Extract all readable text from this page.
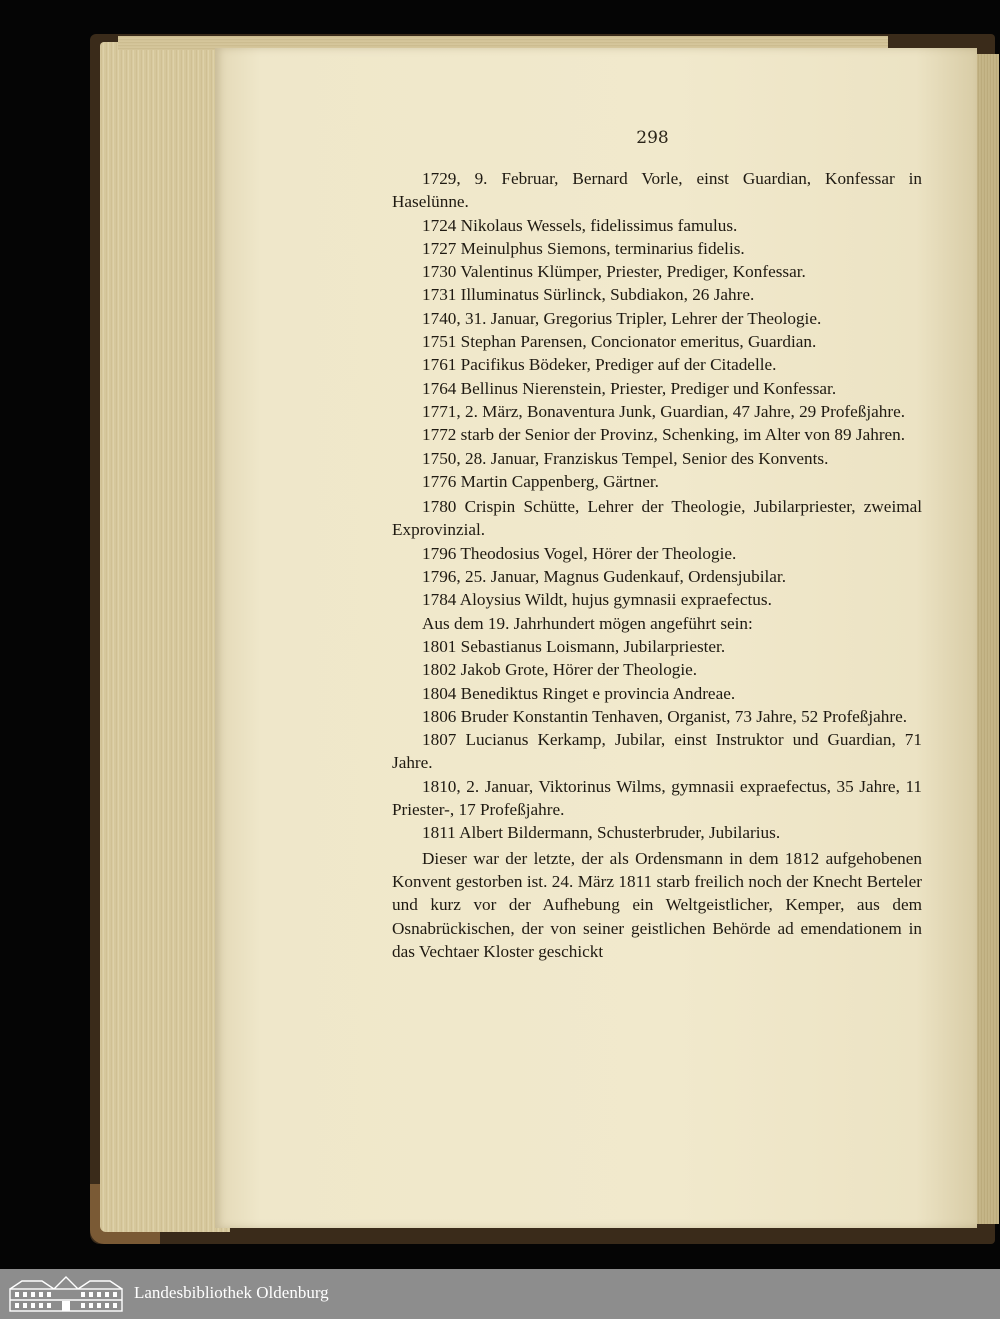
298

1729, 9. Februar, Bernard Vorle, einst Guardian, Konfessar in Haselünne.

1724 Nikolaus Wessels, fidelissimus famulus.

1727 Meinulphus Siemons, terminarius fidelis.

1730 Valentinus Klümper, Priester, Prediger, Konfessar.

1731 Illuminatus Sürlinck, Subdiakon, 26 Jahre.

1740, 31. Januar, Gregorius Tripler, Lehrer der Theologie.

1751 Stephan Parensen, Concionator emeritus, Guardian.

1761 Pacifikus Bödeker, Prediger auf der Citadelle.

1764 Bellinus Nierenstein, Priester, Prediger und Konfessar.

1771, 2. März, Bonaventura Junk, Guardian, 47 Jahre, 29 Profeßjahre.

1772 starb der Senior der Provinz, Schenking, im Alter von 89 Jahren.

1750, 28. Januar, Franziskus Tempel, Senior des Konvents.

1776 Martin Cappenberg, Gärtner.

1780 Crispin Schütte, Lehrer der Theologie, Jubilarpriester, zweimal Exprovinzial.

1796 Theodosius Vogel, Hörer der Theologie.

1796, 25. Januar, Magnus Gudenkauf, Ordensjubilar.

1784 Aloysius Wildt, hujus gymnasii expraefectus.

Aus dem 19. Jahrhundert mögen angeführt sein:

1801 Sebastianus Loismann, Jubilarpriester.

1802 Jakob Grote, Hörer der Theologie.

1804 Benediktus Ringet e provincia Andreae.

1806 Bruder Konstantin Tenhaven, Organist, 73 Jahre, 52 Profeßjahre.

1807 Lucianus Kerkamp, Jubilar, einst Instruktor und Guardian, 71 Jahre.

1810, 2. Januar, Viktorinus Wilms, gymnasii expraefectus, 35 Jahre, 11 Priester-, 17 Profeßjahre.

1811 Albert Bildermann, Schusterbruder, Jubilarius.

Dieser war der letzte, der als Ordensmann in dem 1812 aufgehobenen Konvent gestorben ist. 24. März 1811 starb freilich noch der Knecht Berteler und kurz vor der Aufhebung ein Weltgeistlicher, Kemper, aus dem Osnabrückischen, der von seiner geistlichen Behörde ad emendationem in das Vechtaer Kloster geschickt

Landesbibliothek Oldenburg
